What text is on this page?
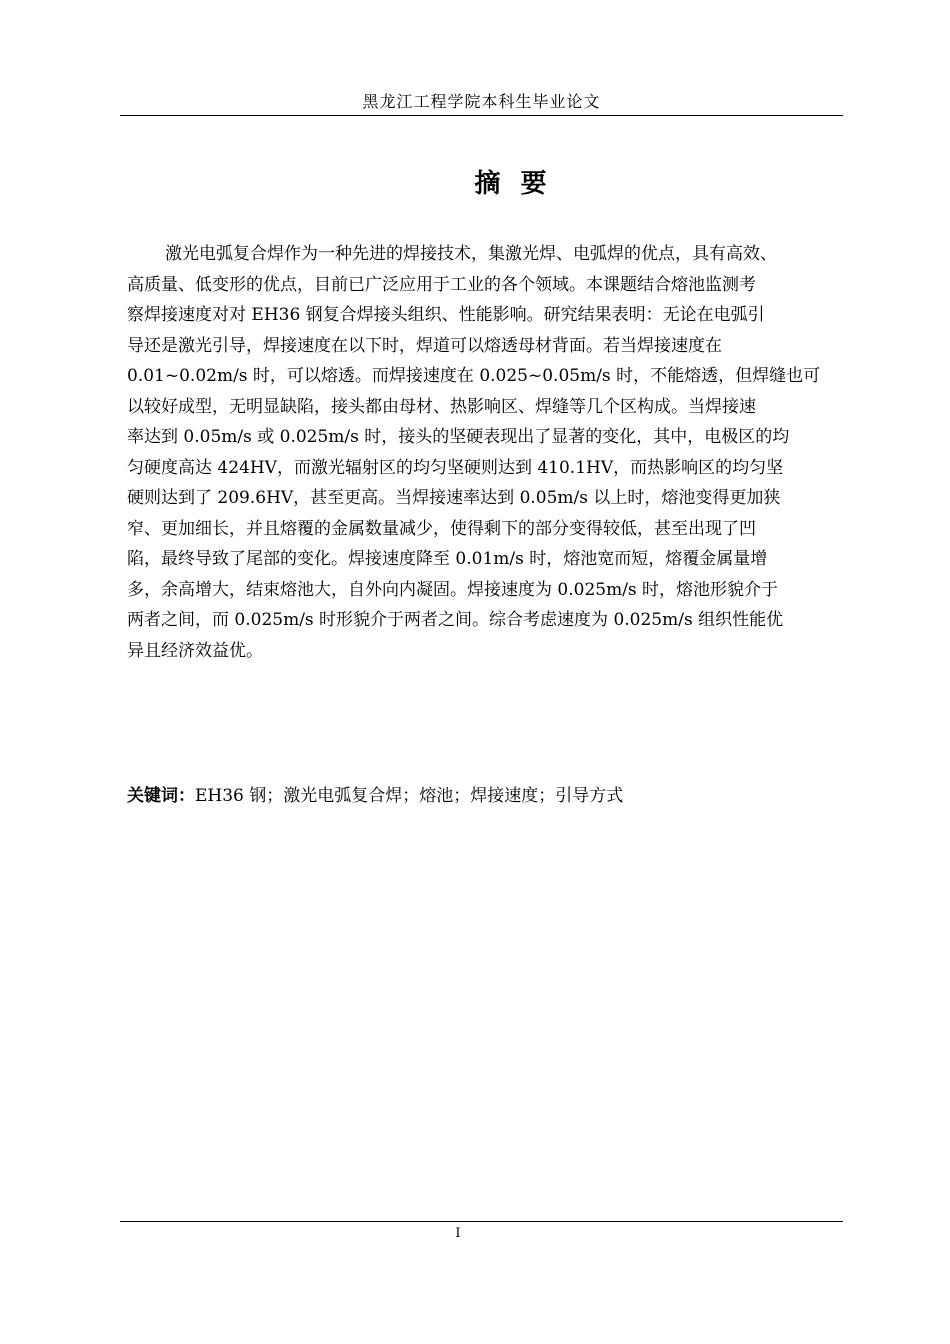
黑龙江工程学院本科生毕业论文
摘 要
激光电弧复合焊作为一种先进的焊接技术，集激光焊、电弧焊的优点，具有高效、
高质量、低变形的优点，目前已广泛应用于工业的各个领域。本课题结合熔池监测考
察焊接速度对对 EH36 钢复合焊接头组织、性能影响。研究结果表明：无论在电弧引
导还是激光引导，焊接速度在以下时，焊道可以熔透母材背面。若当焊接速度在
0.01~0.02m/s 时，可以熔透。而焊接速度在 0.025~0.05m/s 时，不能熔透，但焊缝也可
以较好成型，无明显缺陷，接头都由母材、热影响区、焊缝等几个区构成。当焊接速
率达到 0.05m/s 或 0.025m/s 时，接头的坚硬表现出了显著的变化，其中，电极区的均
匀硬度高达 424HV，而激光辐射区的均匀坚硬则达到 410.1HV，而热影响区的均匀坚
硬则达到了 209.6HV，甚至更高。当焊接速率达到 0.05m/s 以上时，熔池变得更加狭
窄、更加细长，并且熔覆的金属数量减少，使得剩下的部分变得较低，甚至出现了凹
陷，最终导致了尾部的变化。焊接速度降至 0.01m/s 时，熔池宽而短，熔覆金属量增
多，余高增大，结束熔池大，自外向内凝固。焊接速度为 0.025m/s 时，熔池形貌介于
两者之间，而 0.025m/s 时形貌介于两者之间。综合考虑速度为 0.025m/s 组织性能优
异且经济效益优。
关键词：EH36 钢；激光电弧复合焊；熔池；焊接速度；引导方式
I
